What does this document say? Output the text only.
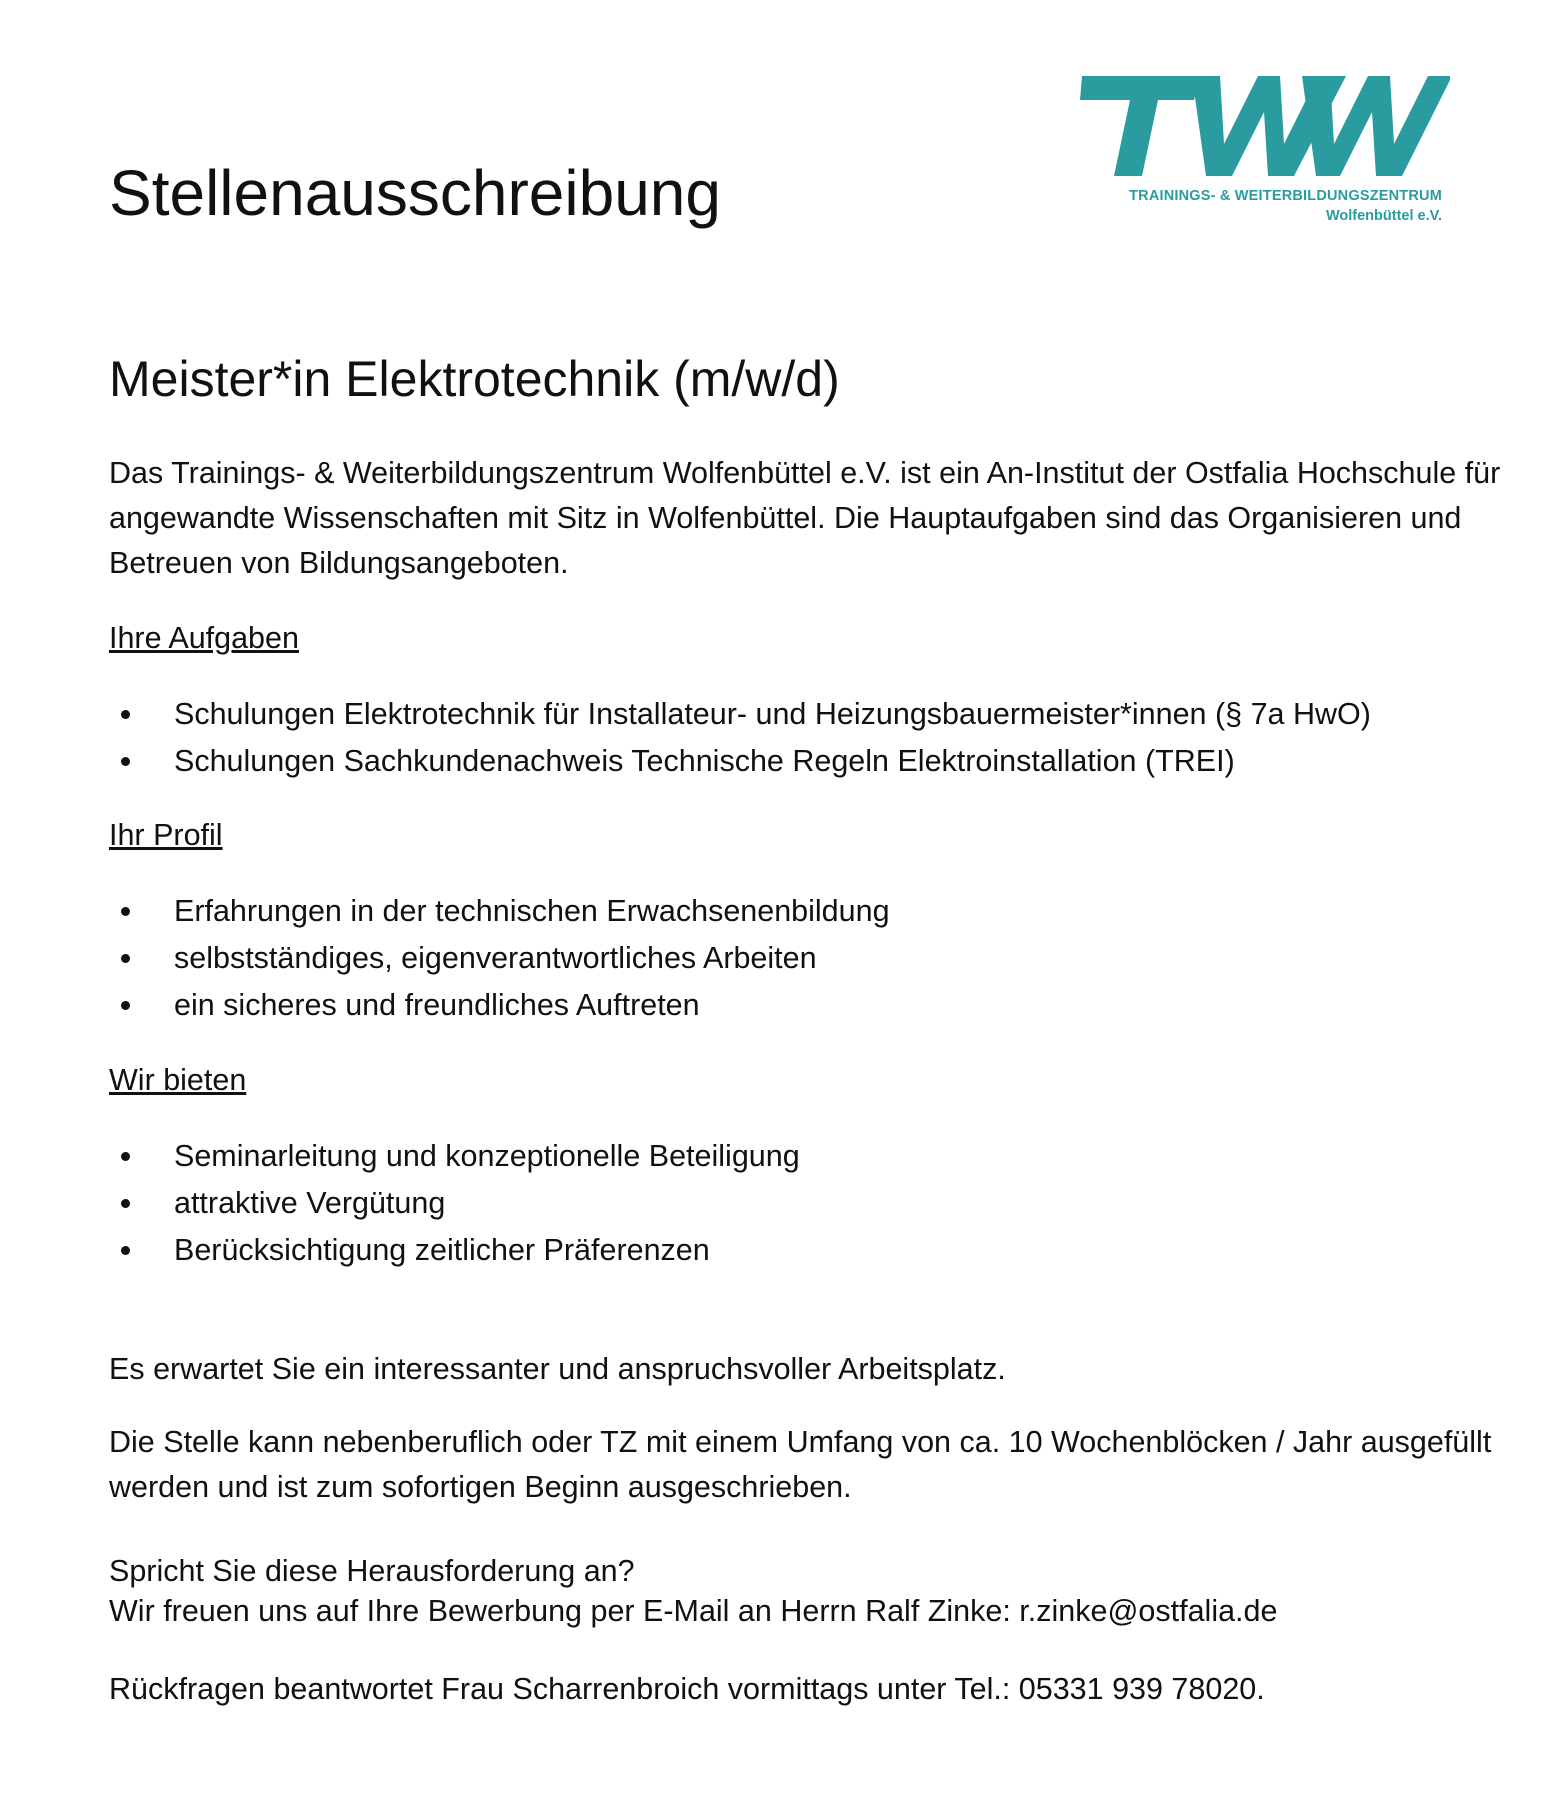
TRAININGS- & WEITERBILDUNGSZENTRUM
Wolfenbüttel e.V.
Stellenausschreibung
Meister*in Elektrotechnik (m/w/d)

Das Trainings- & Weiterbildungszentrum Wolfenbüttel e.V. ist ein An-Institut der Ostfalia Hochschule für angewandte Wissenschaften mit Sitz in Wolfenbüttel. Die Hauptaufgaben sind das Organisieren und Betreuen von Bildungsangeboten.

Ihre Aufgaben

Schulungen Elektrotechnik für Installateur- und Heizungsbauermeister*innen (§ 7a HwO)
Schulungen Sachkundenachweis Technische Regeln Elektroinstallation (TREI)

Ihr Profil

Erfahrungen in der technischen Erwachsenenbildung
selbstständiges, eigenverantwortliches Arbeiten
ein sicheres und freundliches Auftreten

Wir bieten

Seminarleitung und konzeptionelle Beteiligung
attraktive Vergütung
Berücksichtigung zeitlicher Präferenzen

Es erwartet Sie ein interessanter und anspruchsvoller Arbeitsplatz.

Die Stelle kann nebenberuflich oder TZ mit einem Umfang von ca. 10 Wochenblöcken / Jahr ausgefüllt werden und ist zum sofortigen Beginn ausgeschrieben.

Spricht Sie diese Herausforderung an?
Wir freuen uns auf Ihre Bewerbung per E-Mail an Herrn Ralf Zinke: r.zinke@ostfalia.de

Rückfragen beantwortet Frau Scharrenbroich vormittags unter Tel.: 05331 939 78020.
